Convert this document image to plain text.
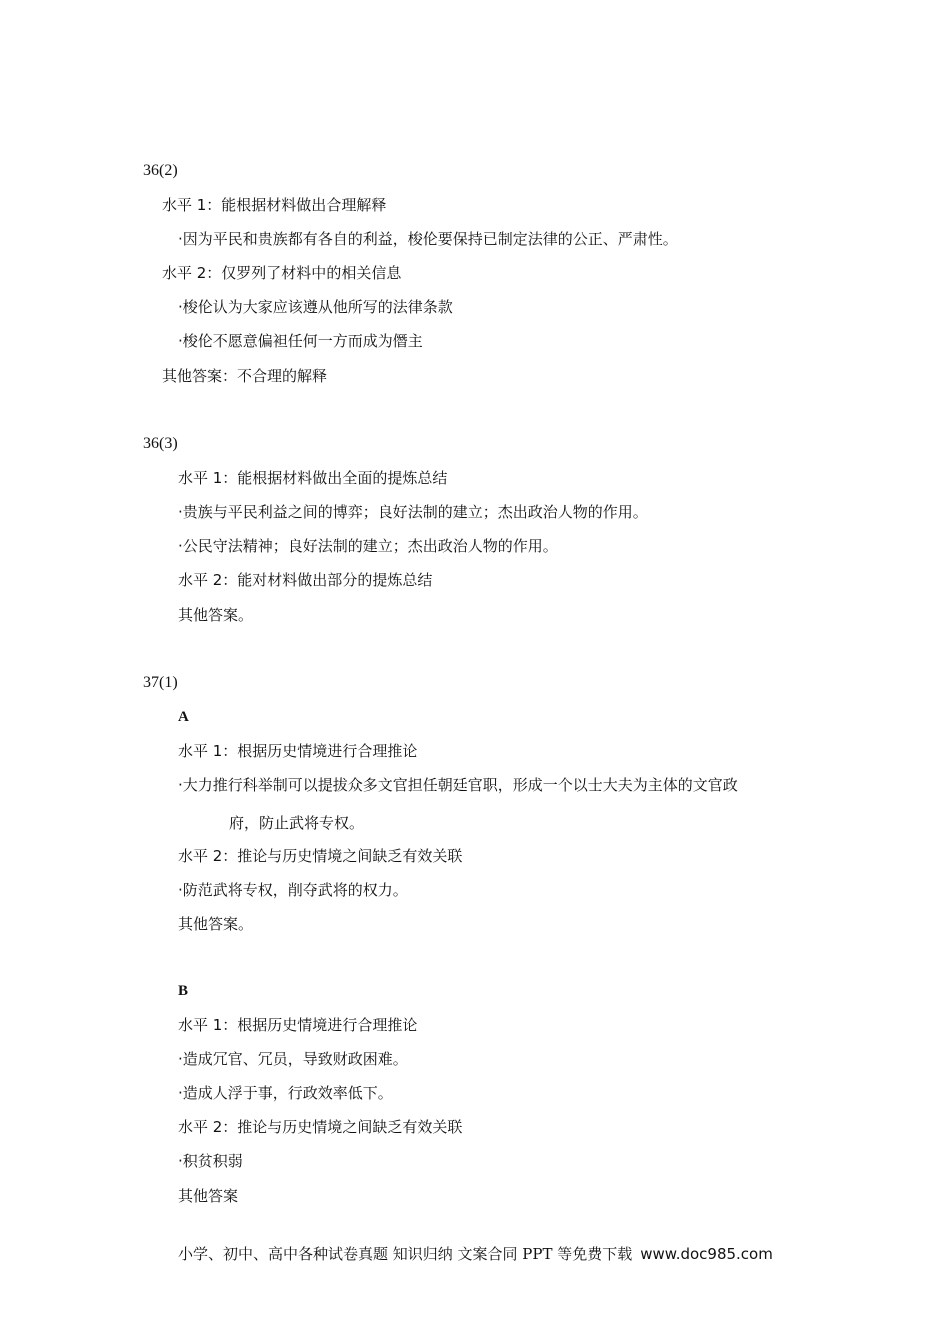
36(2)
水平 1：能根据材料做出合理解释
·因为平民和贵族都有各自的利益，梭伦要保持已制定法律的公正、严肃性。
水平 2：仅罗列了材料中的相关信息
·梭伦认为大家应该遵从他所写的法律条款
·梭伦不愿意偏袒任何一方而成为僭主
其他答案：不合理的解释
36(3)
水平 1：能根据材料做出全面的提炼总结
·贵族与平民利益之间的博弈；良好法制的建立；杰出政治人物的作用。
·公民守法精神；良好法制的建立；杰出政治人物的作用。
水平 2：能对材料做出部分的提炼总结
其他答案。
37(1)
A
水平 1：根据历史情境进行合理推论
·大力推行科举制可以提拔众多文官担任朝廷官职，形成一个以士大夫为主体的文官政
府，防止武将专权。
水平 2：推论与历史情境之间缺乏有效关联
·防范武将专权，削夺武将的权力。
其他答案。
B
水平 1：根据历史情境进行合理推论
·造成冗官、冗员，导致财政困难。
·造成人浮于事，行政效率低下。
水平 2：推论与历史情境之间缺乏有效关联
·积贫积弱
其他答案
小学、初中、高中各种试卷真题 知识归纳 文案合同 PPT 等免费下载 www.doc985.com
